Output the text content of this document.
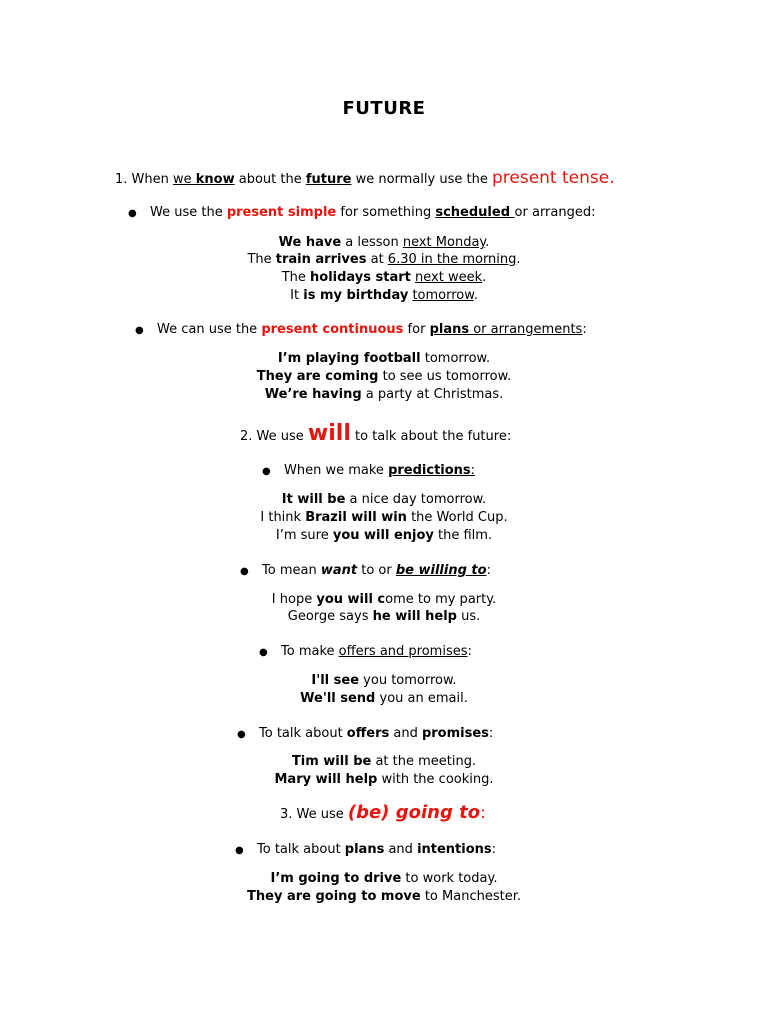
FUTURE
1. When we know about the future we normally use the present tense.
● We use the present simple for something scheduled or arranged:
We have a lesson next Monday.
The train arrives at 6.30 in the morning.
The holidays start next week.
It is my birthday tomorrow.
● We can use the present continuous for plans or arrangements:
I’m playing football tomorrow.
They are coming to see us tomorrow.
We’re having a party at Christmas.
2. We use will to talk about the future:
● When we make predictions:
It will be a nice day tomorrow.
I think Brazil will win the World Cup.
I’m sure you will enjoy the film.
● To mean want to or be willing to:
I hope you will come to my party.
George says he will help us.
● To make offers and promises:
I'll see you tomorrow.
We'll send you an email.
● To talk about offers and promises:
Tim will be at the meeting.
Mary will help with the cooking.
3. We use (be) going to:
● To talk about plans and intentions:
I’m going to drive to work today.
They are going to move to Manchester.
